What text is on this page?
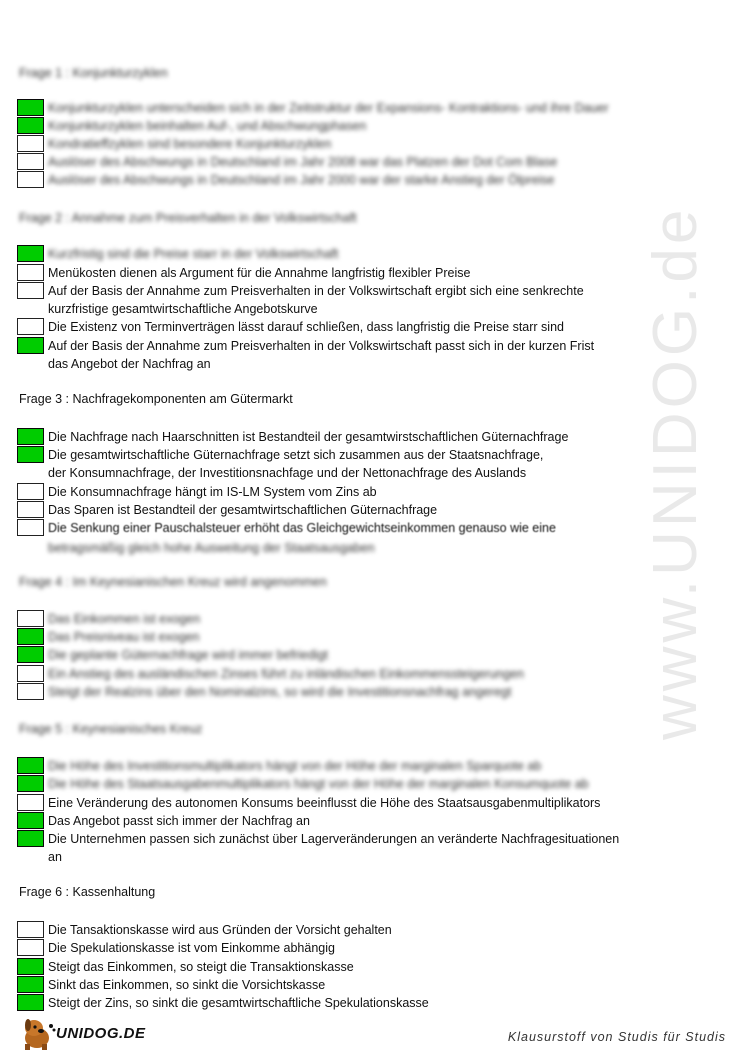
www.UNIDOG.de
Frage 1 : Konjunkturzyklen
Konjunkturzyklen unterscheiden sich in der Zeitstruktur der Expansions- Kontraktions- und ihre Dauer
Konjunkturzyklen beinhalten Auf-, und Abschwungphasen
Kondratieffzyklen sind besondere Konjunkturzyklen
Auslöser des Abschwungs in Deutschland im Jahr 2008 war das Platzen der Dot Com Blase
Auslöser des Abschwungs in Deutschland im Jahr 2000 war der starke Anstieg der Ölpreise
Frage 2 : Annahme zum Preisverhalten in der Volkswirtschaft
Kurzfristig sind die Preise starr in der Volkswirtschaft
Menükosten dienen als Argument für die Annahme langfristig flexibler Preise
Auf der Basis der Annahme zum Preisverhalten in der Volkswirtschaft ergibt sich eine senkrechte
kurzfristige gesamtwirtschaftliche Angebotskurve
Die Existenz von Terminverträgen lässt darauf schließen, dass langfristig die Preise starr sind
Auf der Basis der Annahme zum Preisverhalten in der Volkswirtschaft passt sich in der kurzen Frist
das Angebot der Nachfrag an
Frage 3 : Nachfragekomponenten am Gütermarkt
Die Nachfrage nach Haarschnitten ist Bestandteil der gesamtwirstschaftlichen Güternachfrage
Die gesamtwirtschaftliche Güternachfrage setzt sich zusammen aus der Staatsnachfrage,
der Konsumnachfrage, der Investitionsnachfage und der Nettonachfrage des Auslands
Die Konsumnachfrage hängt im IS-LM System vom Zins ab
Das Sparen ist Bestandteil der gesamtwirtschaftlichen Güternachfrage
Die Senkung einer Pauschalsteuer erhöht das Gleichgewichtseinkommen genauso wie eine
betragsmäßig gleich hohe Ausweitung der Staatsausgaben
Frage 4 : Im Keynesianischen Kreuz wird angenommen
Das Einkommen ist exogen
Das Preisniveau ist exogen
Die geplante Güternachfrage wird immer befriedigt
Ein Anstieg des ausländischen Zinses führt zu inländischen Einkommenssteigerungen
Steigt der Realzins über den Nominalzins, so wird die Investitionsnachfrag angeregt
Frage 5 : Keynesianisches Kreuz
Die Höhe des Investitionsmultiplikators hängt von der Höhe der marginalen Sparquote ab
Die Höhe des Staatsausgabenmultiplikators hängt von der Höhe der marginalen Konsumquote ab
Eine Veränderung des autonomen Konsums beeinflusst die Höhe des Staatsausgabenmultiplikators
Das Angebot passt sich immer der Nachfrag an
Die Unternehmen passen sich zunächst über Lagerveränderungen an veränderte Nachfragesituationen
an
Frage 6 : Kassenhaltung
Die Tansaktionskasse wird aus Gründen der Vorsicht gehalten
Die Spekulationskasse ist vom Einkomme abhängig
Steigt das Einkommen, so steigt die Transaktionskasse
Sinkt das Einkommen, so sinkt die Vorsichtskasse
Steigt der Zins, so sinkt die gesamtwirtschaftliche Spekulationskasse
UNIDOG.DE	Klausurstoff von Studis für Studis
